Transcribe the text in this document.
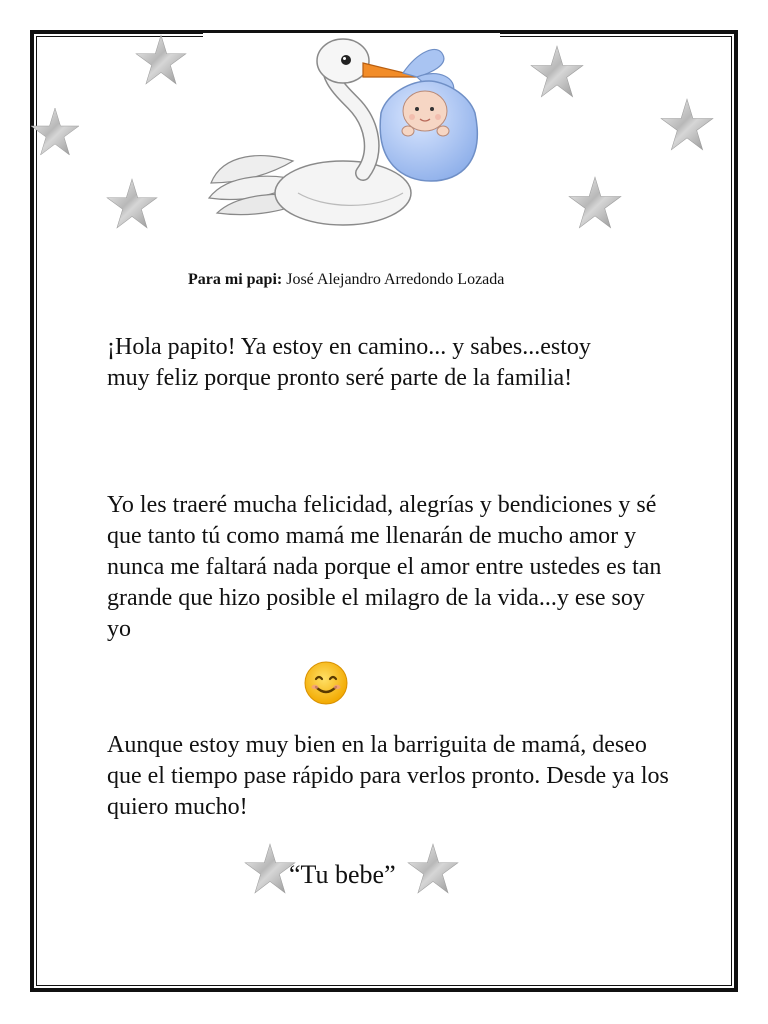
Para mi papi: José Alejandro Arredondo Lozada

¡Hola papito! Ya estoy en camino... y sabes...estoy muy feliz porque pronto seré parte de la familia!

Yo les traeré mucha felicidad, alegrías y bendiciones y sé que tanto tú como mamá me llenarán de mucho amor y nunca me faltará nada porque el amor entre ustedes es tan grande que hizo posible el milagro de la vida...y ese soy yo

Aunque estoy muy bien en la barriguita de mamá, deseo que el tiempo pase rápido para verlos pronto. Desde ya los quiero mucho!

“Tu bebe”
